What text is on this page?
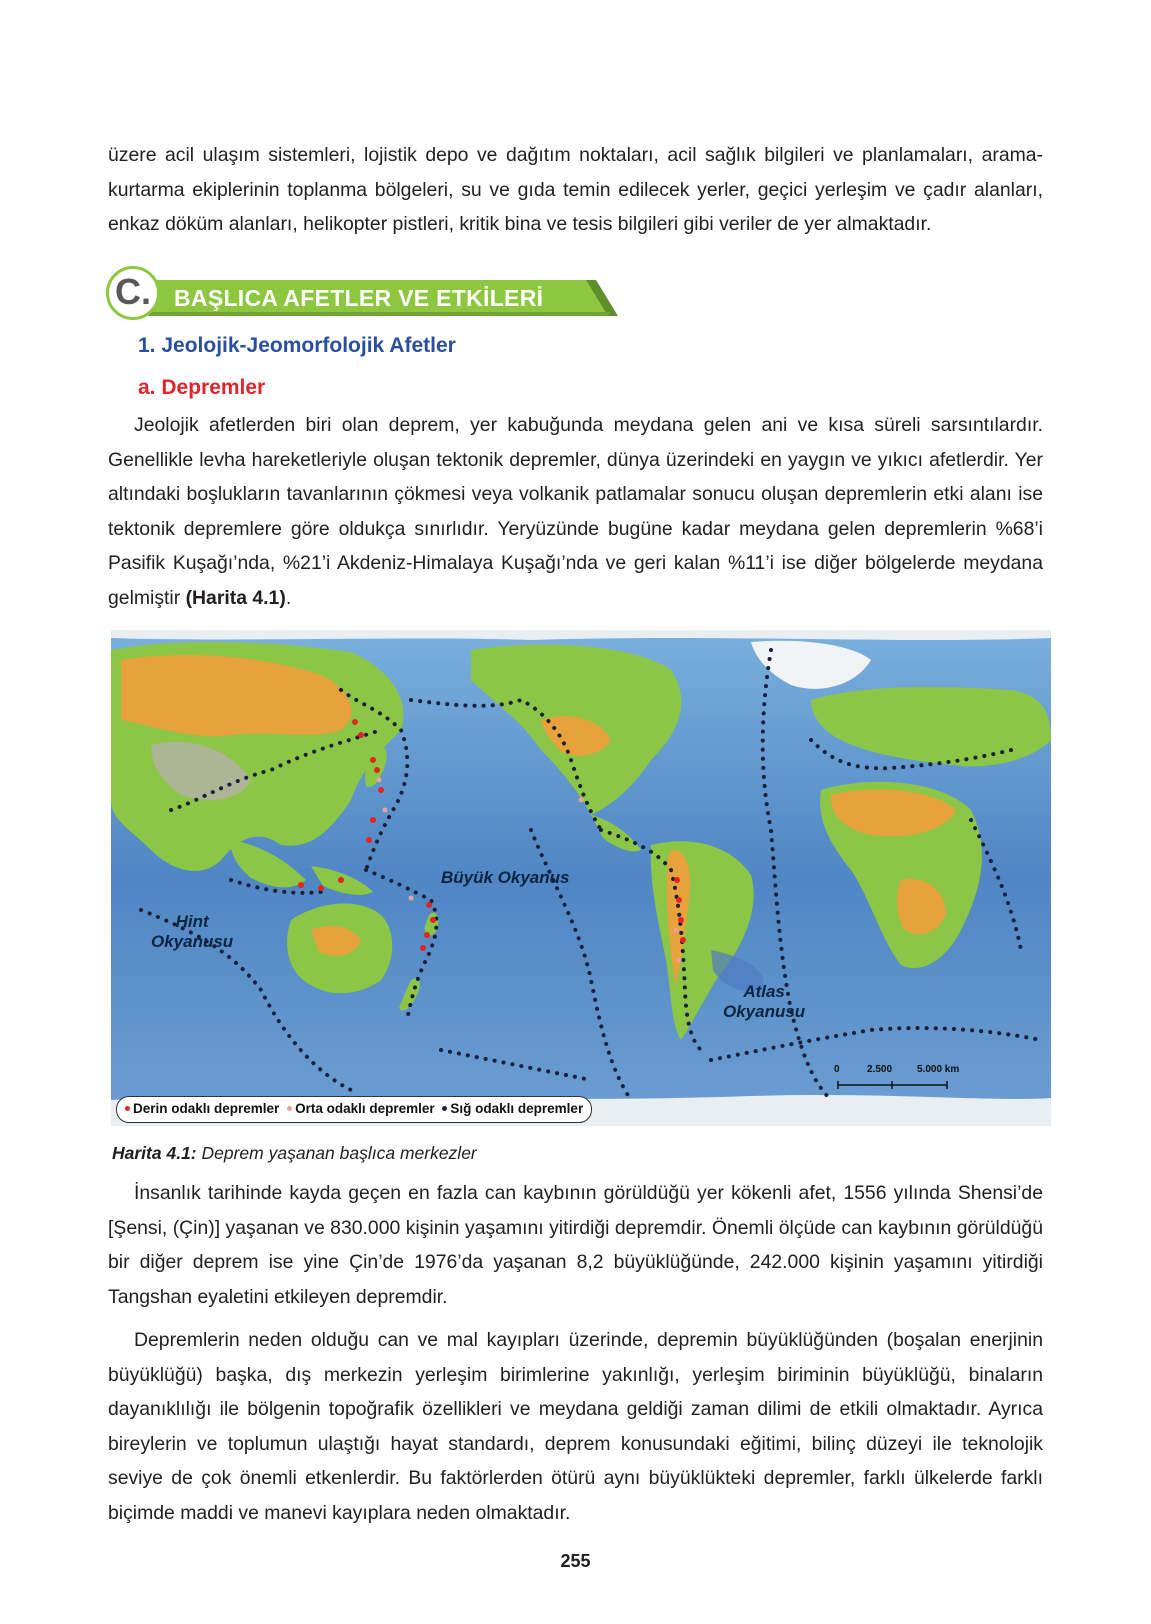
üzere acil ulaşım sistemleri, lojistik depo ve dağıtım noktaları, acil sağlık bilgileri ve planlamaları, arama-kurtarma ekiplerinin toplanma bölgeleri, su ve gıda temin edilecek yerler, geçici yerleşim ve çadır alanları, enkaz döküm alanları, helikopter pistleri, kritik bina ve tesis bilgileri gibi veriler de yer almaktadır.

C.	BAŞLICA AFETLER VE ETKİLERİ
1. Jeolojik-Jeomorfolojik Afetler
a. Depremler

Jeolojik afetlerden biri olan deprem, yer kabuğunda meydana gelen ani ve kısa süreli sarsıntılardır. Genellikle levha hareketleriyle oluşan tektonik depremler, dünya üzerindeki en yaygın ve yıkıcı afetlerdir. Yer altındaki boşlukların tavanlarının çökmesi veya volkanik patlamalar sonucu oluşan depremlerin etki alanı ise tektonik depremlere göre oldukça sınırlıdır. Yeryüzünde bugüne kadar meydana gelen depremlerin %68’i Pasifik Kuşağı’nda, %21’i Akdeniz-Himalaya Kuşağı’nda ve geri kalan %11’i ise diğer bölgelerde meydana gelmiştir (Harita 4.1).

Büyük Okyanus
Hint
Okyanusu
Atlas
Okyanusu
Derin odaklı depremler Orta odaklı depremler Sığ odaklı depremler
0	2.500 5.000 km
Harita 4.1: Deprem yaşanan başlıca merkezler

İnsanlık tarihinde kayda geçen en fazla can kaybının görüldüğü yer kökenli afet, 1556 yılında Shensi’de [Şensi, (Çin)] yaşanan ve 830.000 kişinin yaşamını yitirdiği depremdir. Önemli ölçüde can kaybının görüldüğü bir diğer deprem ise yine Çin’de 1976’da yaşanan 8,2 büyüklüğünde, 242.000 kişinin yaşamını yitirdiği Tangshan eyaletini etkileyen depremdir.

Depremlerin neden olduğu can ve mal kayıpları üzerinde, depremin büyüklüğünden (boşalan enerjinin büyüklüğü) başka, dış merkezin yerleşim birimlerine yakınlığı, yerleşim biriminin büyüklüğü, binaların dayanıklılığı ile bölgenin topoğrafik özellikleri ve meydana geldiği zaman dilimi de etkili olmaktadır. Ayrıca bireylerin ve toplumun ulaştığı hayat standardı, deprem konusundaki eğitimi, bilinç düzeyi ile teknolojik seviye de çok önemli etkenlerdir. Bu faktörlerden ötürü aynı büyüklükteki depremler, farklı ülkelerde farklı biçimde maddi ve manevi kayıplara neden olmaktadır.

255
